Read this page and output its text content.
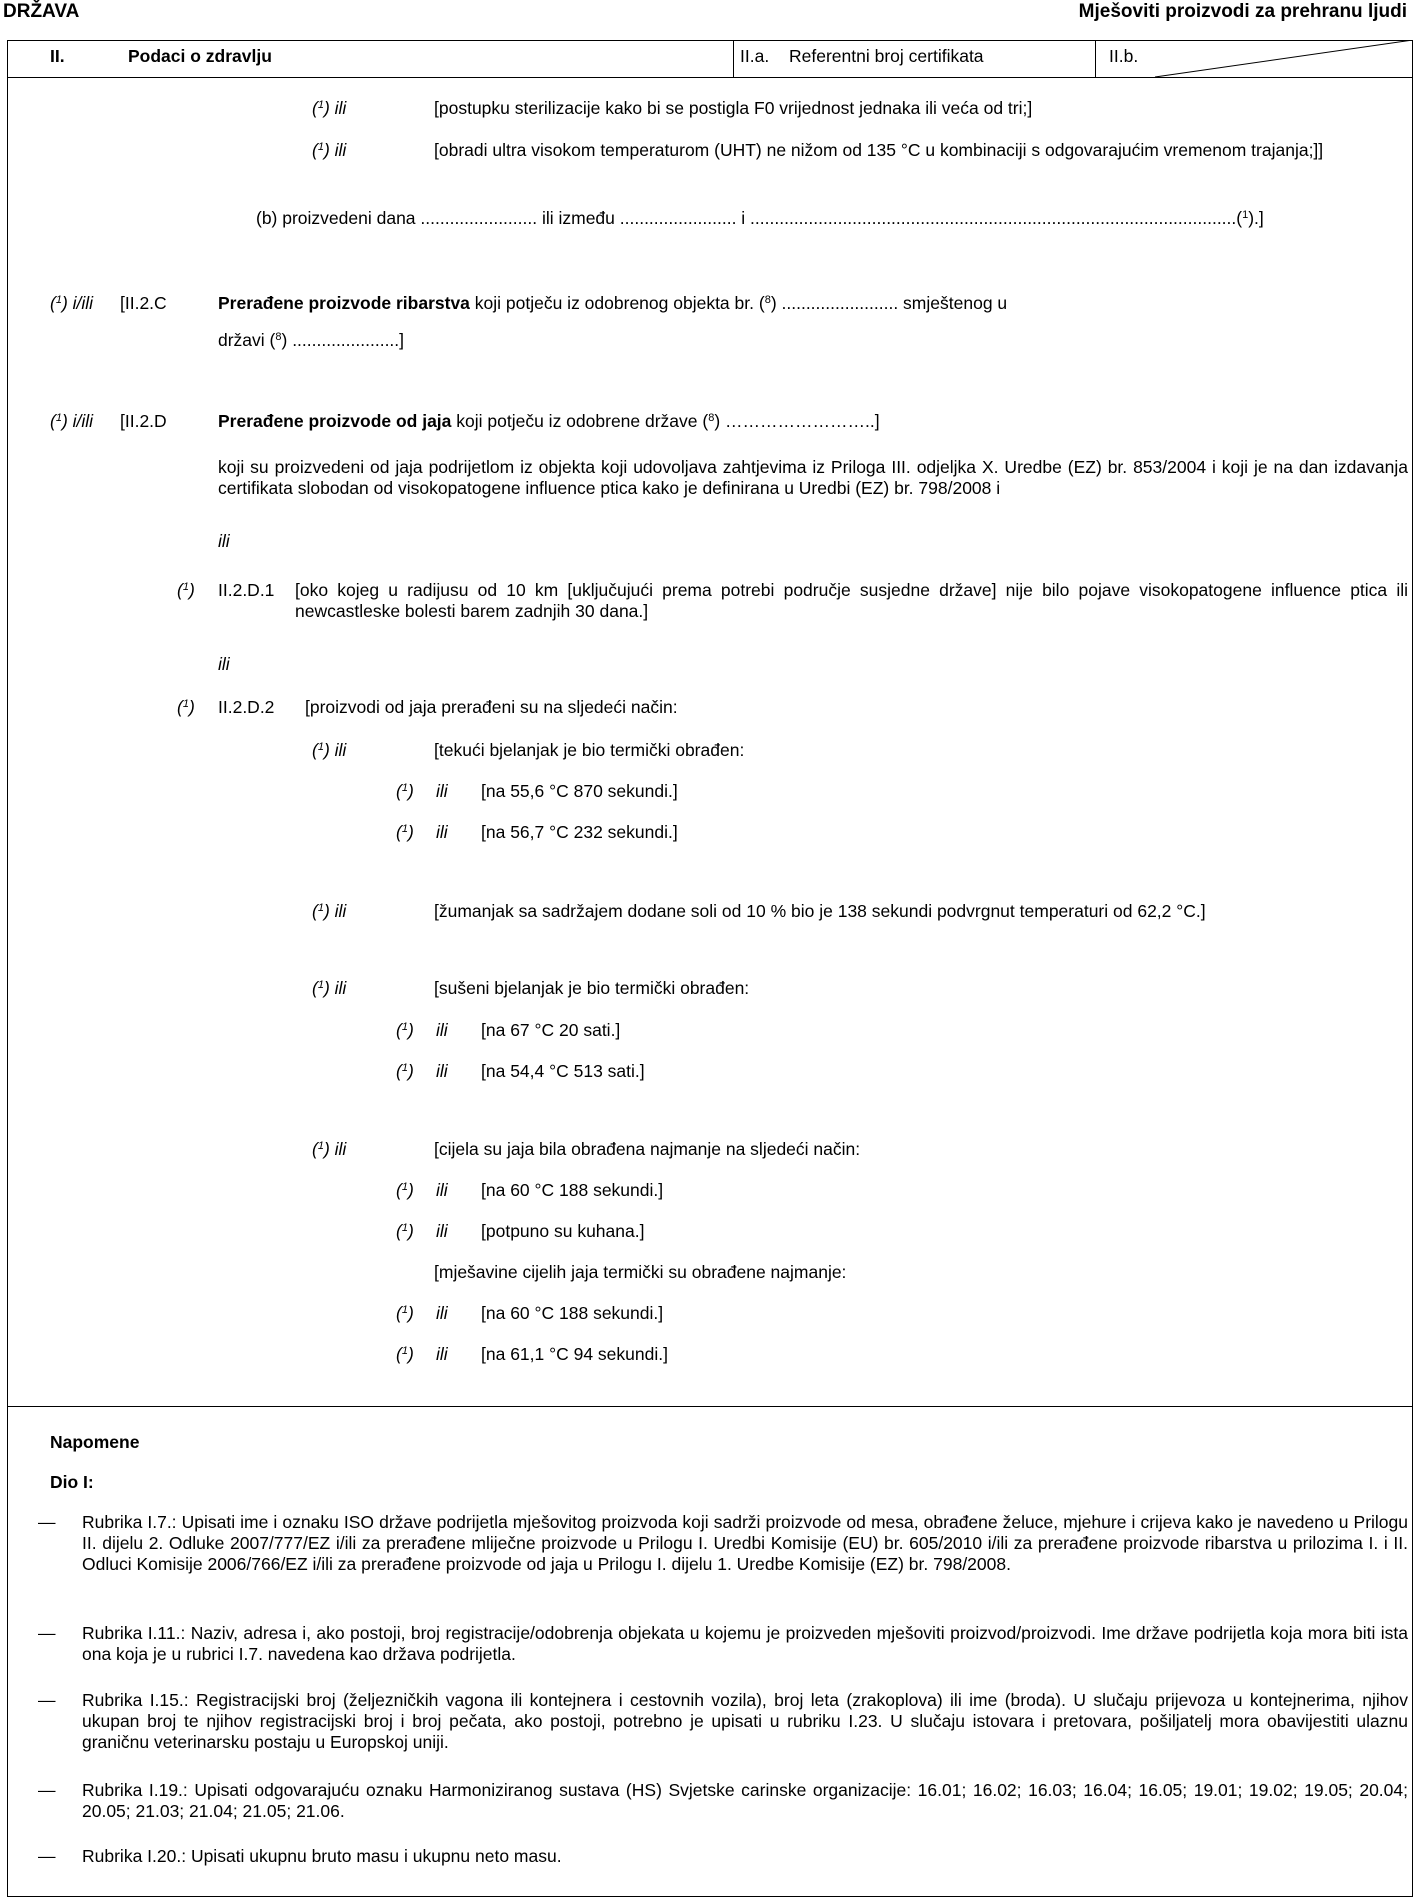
DRŽAVA	Mješoviti proizvodi za prehranu ljudi
II.	Podaci o zdravlju	II.a. Referentni broj certifikata	II.b.
($^1$) ili	[postupku sterilizacije kako bi se postigla F0 vrijednost jednaka ili veća od tri;]
($^1$) ili	[obradi ultra visokom temperaturom (UHT) ne nižom od 135 °C u kombinaciji s odgovarajućim vremenom trajanja;]]
(b) proizvedeni dana ........................ ili između ........................ i ....................................................................................................($^1$).]
($^1$) i/ili [II.2.C	Prerađene proizvode ribarstva koji potječu iz odobrenog objekta br. ($^8$) ........................ smještenog u
državi ($^8$) ......................]
($^1$) i/ili [II.2.D	Prerađene proizvode od jaja koji potječu iz odobrene države ($^8$) ……………………..]
koji su proizvedeni od jaja podrijetlom iz objekta koji udovoljava zahtjevima iz Priloga III. odjeljka X. Uredbe (EZ) br. 853/2004 i koji je na dan izdavanja certifikata slobodan od visokopatogene influence ptica kako je definirana u Uredbi (EZ) br. 798/2008 i
ili
($^1$) II.2.D.1 [oko kojeg u radijusu od 10 km [uključujući prema potrebi područje susjedne države] nije bilo pojave visokopatogene influence ptica ili newcastleske bolesti barem zadnjih 30 dana.]
ili
($^1$) II.2.D.2 [proizvodi od jaja prerađeni su na sljedeći način:
($^1$) ili	[tekući bjelanjak je bio termički obrađen:
($^1$) ili [na 55,6 °C 870 sekundi.]
($^1$) ili [na 56,7 °C 232 sekundi.]
($^1$) ili	[žumanjak sa sadržajem dodane soli od 10 % bio je 138 sekundi podvrgnut temperaturi od 62,2 °C.]
($^1$) ili	[sušeni bjelanjak je bio termički obrađen:
($^1$) ili [na 67 °C 20 sati.]
($^1$) ili [na 54,4 °C 513 sati.]
($^1$) ili	[cijela su jaja bila obrađena najmanje na sljedeći način:
($^1$) ili [na 60 °C 188 sekundi.]
($^1$) ili [potpuno su kuhana.]
[mješavine cijelih jaja termički su obrađene najmanje:
($^1$) ili [na 60 °C 188 sekundi.]
($^1$) ili [na 61,1 °C 94 sekundi.]
Napomene
Dio I:
— Rubrika I.7.: Upisati ime i oznaku ISO države podrijetla mješovitog proizvoda koji sadrži proizvode od mesa, obrađene želuce, mjehure i crijeva kako je navedeno u Prilogu II. dijelu 2. Odluke 2007/777/EZ i/ili za prerađene mliječne proizvode u Prilogu I. Uredbi Komisije (EU) br. 605/2010 i/ili za prerađene proizvode ribarstva u prilozima I. i II. Odluci Komisije 2006/766/EZ i/ili za prerađene proizvode od jaja u Prilogu I. dijelu 1. Uredbe Komisije (EZ) br. 798/2008.
— Rubrika I.11.: Naziv, adresa i, ako postoji, broj registracije/odobrenja objekata u kojemu je proizveden mješoviti proizvod/proizvodi. Ime države podrijetla koja mora biti ista ona koja je u rubrici I.7. navedena kao država podrijetla.
— Rubrika I.15.: Registracijski broj (željezničkih vagona ili kontejnera i cestovnih vozila), broj leta (zrakoplova) ili ime (broda). U slučaju prijevoza u kontejnerima, njihov ukupan broj te njihov registracijski broj i broj pečata, ako postoji, potrebno je upisati u rubriku I.23. U slučaju istovara i pretovara, pošiljatelj mora obavijestiti ulaznu graničnu veterinarsku postaju u Europskoj uniji.
— Rubrika I.19.: Upisati odgovarajuću oznaku Harmoniziranog sustava (HS) Svjetske carinske organizacije: 16.01; 16.02; 16.03; 16.04; 16.05; 19.01; 19.02; 19.05; 20.04; 20.05; 21.03; 21.04; 21.05; 21.06.
— Rubrika I.20.: Upisati ukupnu bruto masu i ukupnu neto masu.
